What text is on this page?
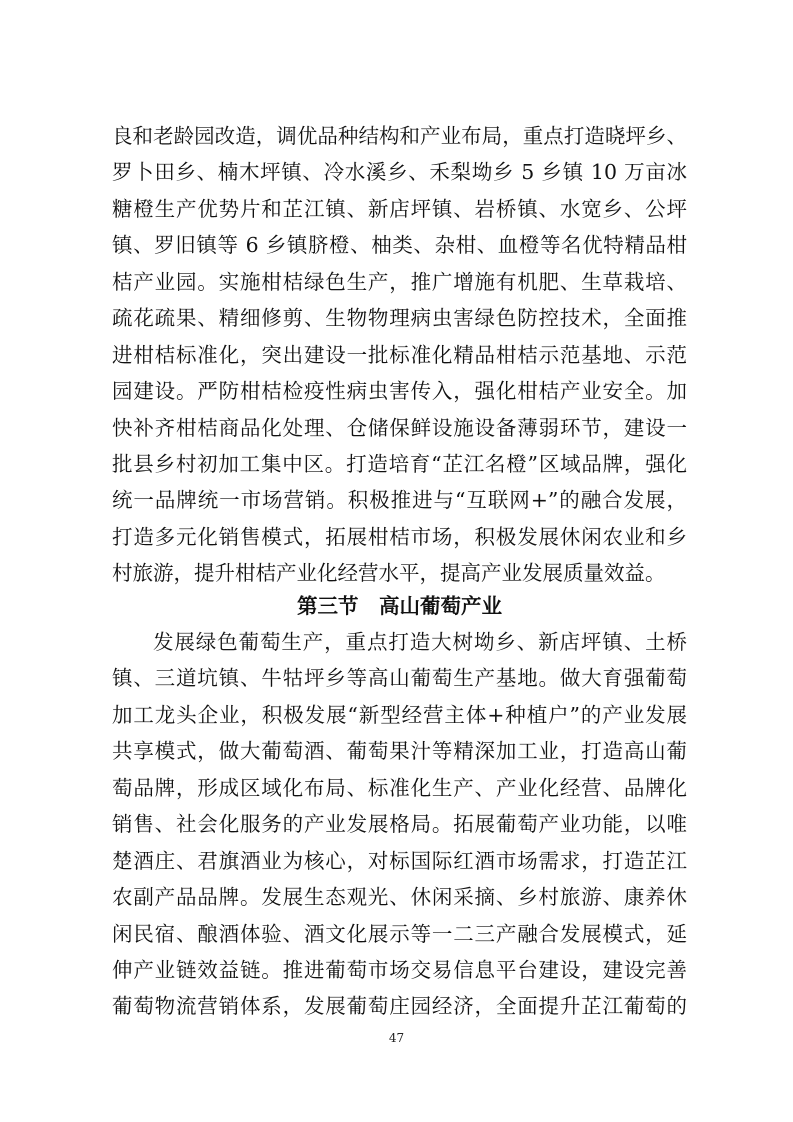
良和老龄园改造，调优品种结构和产业布局，重点打造晓坪乡、
罗卜田乡、楠木坪镇、冷水溪乡、禾梨坳乡 5 乡镇 10 万亩冰
糖橙生产优势片和芷江镇、新店坪镇、岩桥镇、水宽乡、公坪
镇、罗旧镇等 6 乡镇脐橙、柚类、杂柑、血橙等名优特精品柑
桔产业园。实施柑桔绿色生产，推广增施有机肥、生草栽培、
疏花疏果、精细修剪、生物物理病虫害绿色防控技术，全面推
进柑桔标准化，突出建设一批标准化精品柑桔示范基地、示范
园建设。严防柑桔检疫性病虫害传入，强化柑桔产业安全。加
快补齐柑桔商品化处理、仓储保鲜设施设备薄弱环节，建设一
批县乡村初加工集中区。打造培育“芷江名橙”区域品牌，强化
统一品牌统一市场营销。积极推进与“互联网+”的融合发展，
打造多元化销售模式，拓展柑桔市场，积极发展休闲农业和乡
村旅游，提升柑桔产业化经营水平，提高产业发展质量效益。
第三节　高山葡萄产业
发展绿色葡萄生产，重点打造大树坳乡、新店坪镇、土桥
镇、三道坑镇、牛牯坪乡等高山葡萄生产基地。做大育强葡萄
加工龙头企业，积极发展“新型经营主体+种植户”的产业发展
共享模式，做大葡萄酒、葡萄果汁等精深加工业，打造高山葡
萄品牌，形成区域化布局、标准化生产、产业化经营、品牌化
销售、社会化服务的产业发展格局。拓展葡萄产业功能，以唯
楚酒庄、君旗酒业为核心，对标国际红酒市场需求，打造芷江
农副产品品牌。发展生态观光、休闲采摘、乡村旅游、康养休
闲民宿、酿酒体验、酒文化展示等一二三产融合发展模式，延
伸产业链效益链。推进葡萄市场交易信息平台建设，建设完善
葡萄物流营销体系，发展葡萄庄园经济，全面提升芷江葡萄的
47
